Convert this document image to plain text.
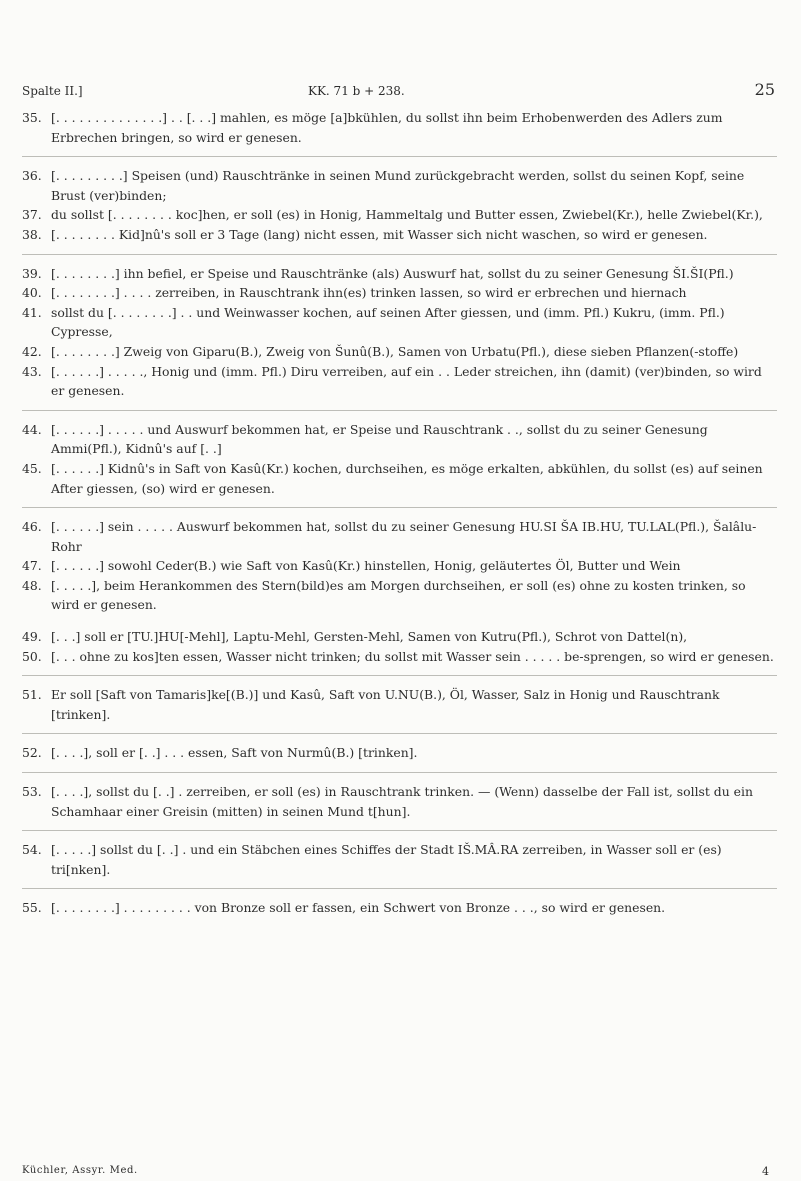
Spalte II.]	KK. 71 b + 238.	25
35. [. . . . . . . . . . . . . .] . . [. . .] mahlen, es möge [a]bkühlen, du sollst ihn beim Erhobenwerden des Adlers zum Erbrechen bringen, so wird er genesen.
36. [. . . . . . . . .] Speisen (und) Rauschtränke in seinen Mund zurückgebracht werden, sollst du seinen Kopf, seine Brust (ver)binden;
37. du sollst [. . . . . . . . koc]hen, er soll (es) in Honig, Hammeltalg und Butter essen, Zwiebel(Kr.), helle Zwiebel(Kr.),
38. [. . . . . . . . Kid]nû's soll er 3 Tage (lang) nicht essen, mit Wasser sich nicht waschen, so wird er genesen.
39. [. . . . . . . .] ihn befiel, er Speise und Rauschtränke (als) Auswurf hat, sollst du zu seiner Genesung ŠI.ŠI(Pfl.)
40. [. . . . . . . .] . . . . zerreiben, in Rauschtrank ihn(es) trinken lassen, so wird er erbrechen und hiernach
41. sollst du [. . . . . . . .] . . und Weinwasser kochen, auf seinen After giessen, und (imm. Pfl.) Kukru, (imm. Pfl.) Cypresse,
42. [. . . . . . . .] Zweig von Giparu(B.), Zweig von Šunû(B.), Samen von Urbatu(Pfl.), diese sieben Pflanzen(-stoffe)
43. [. . . . . .] . . . . ., Honig und (imm. Pfl.) Diru verreiben, auf ein . . Leder streichen, ihn (damit) (ver)binden, so wird er genesen.
44. [. . . . . .] . . . . . und Auswurf bekommen hat, er Speise und Rauschtrank . ., sollst du zu seiner Genesung Ammi(Pfl.), Kidnû's auf [. .]
45. [. . . . . .] Kidnû's in Saft von Kasû(Kr.) kochen, durchseihen, es möge erkalten, abkühlen, du sollst (es) auf seinen After giessen, (so) wird er genesen.
46. [. . . . . .] sein . . . . . Auswurf bekommen hat, sollst du zu seiner Genesung HU.SI ŠA IB.HU, TU.LAL(Pfl.), Šalâlu-Rohr
47. [. . . . . .] sowohl Ceder(B.) wie Saft von Kasû(Kr.) hinstellen, Honig, geläutertes Öl, Butter und Wein
48. [. . . . .], beim Herankommen des Stern(bild)es am Morgen durchseihen, er soll (es) ohne zu kosten trinken, so wird er genesen.
49. [. . .] soll er [TU.]HU[-Mehl], Laptu-Mehl, Gersten-Mehl, Samen von Kutru(Pfl.), Schrot von Dattel(n),
50. [. . . ohne zu kos]ten essen, Wasser nicht trinken; du sollst mit Wasser sein . . . . . be-sprengen, so wird er genesen.
51. Er soll [Saft von Tamaris]ke[(B.)] und Kasû, Saft von U.NU(B.), Öl, Wasser, Salz in Honig und Rauschtrank [trinken].
52. [. . . .], soll er [. .] . . . essen, Saft von Nurmû(B.) [trinken].
53. [. . . .], sollst du [. .] . zerreiben, er soll (es) in Rauschtrank trinken. — (Wenn) dasselbe der Fall ist, sollst du ein Schamhaar einer Greisin (mitten) in seinen Mund t[hun].
54. [. . . . .] sollst du [. .] . und ein Stäbchen eines Schiffes der Stadt IŠ.MÂ.RA zerreiben, in Wasser soll er (es) tri[nken].
55. [. . . . . . . .] . . . . . . . . . von Bronze soll er fassen, ein Schwert von Bronze . . ., so wird er genesen.
Küchler, Assyr. Med.	4
